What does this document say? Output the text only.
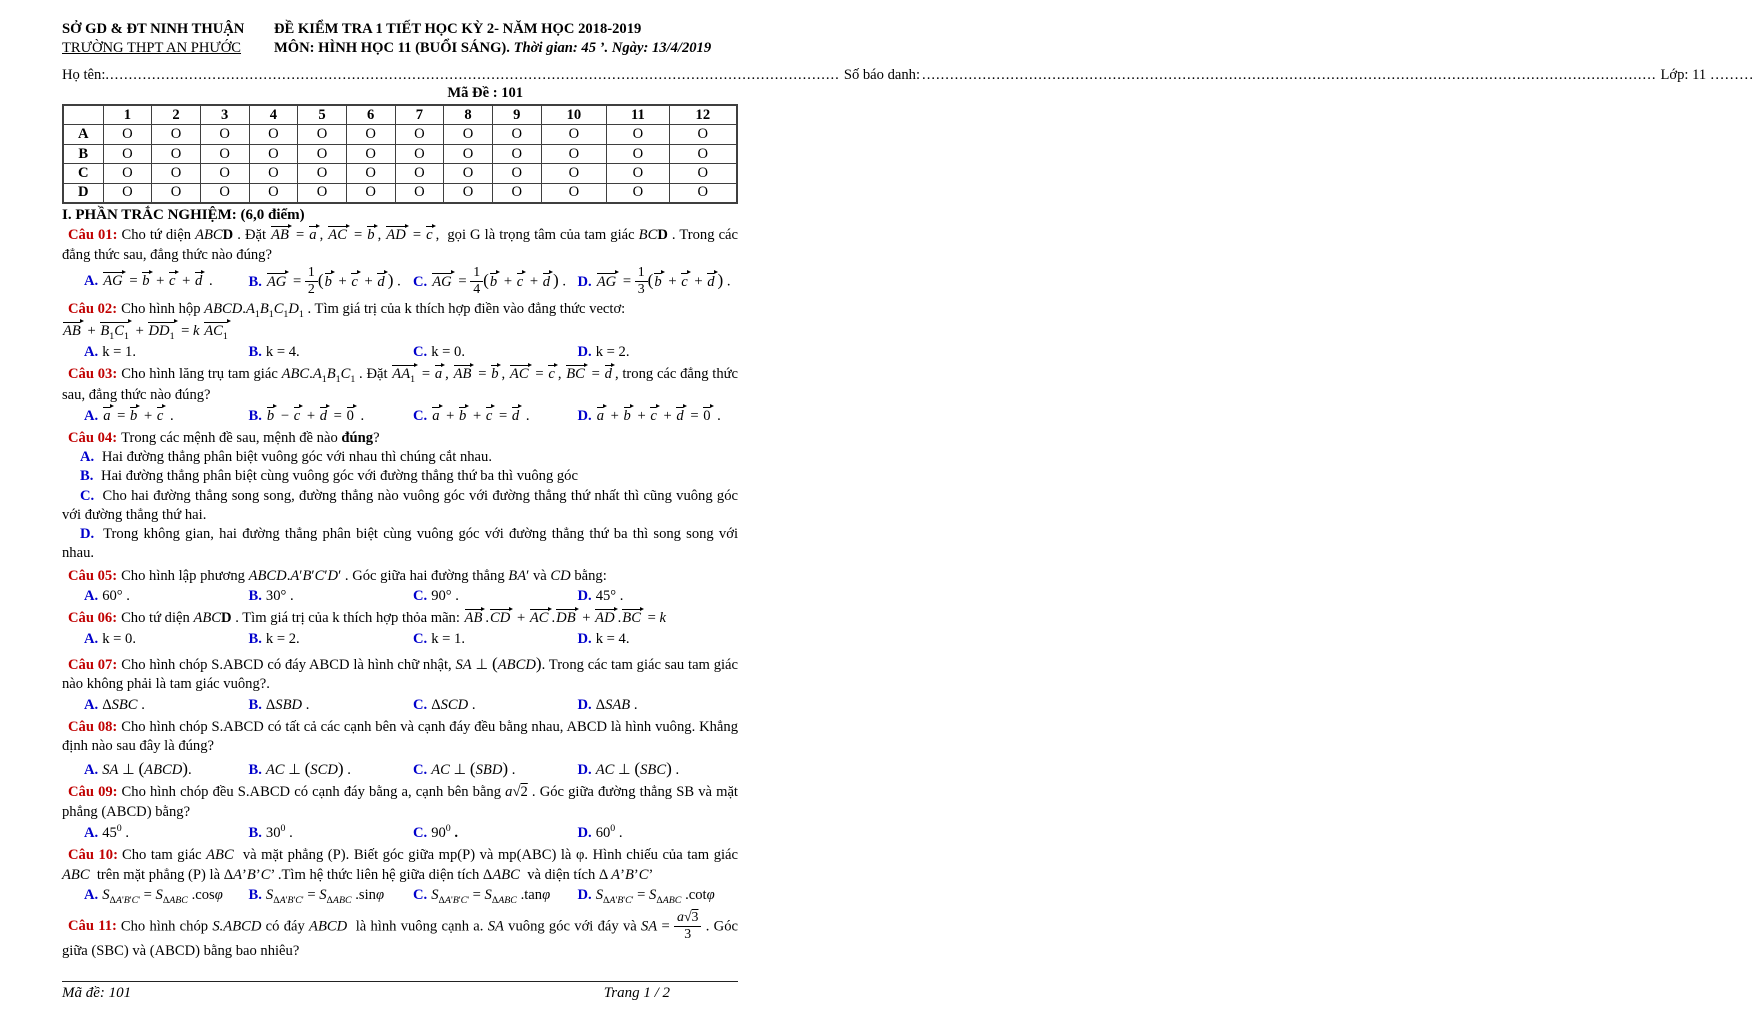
SỞ GD & ĐT NINH THUẬN
TRƯỜNG THPT AN PHƯỚC
ĐỀ KIỂM TRA 1 TIẾT HỌC KỲ 2- NĂM HỌC 2018-2019
MÔN: HÌNH HỌC 11 (BUỔI SÁNG). Thời gian: 45 ’. Ngày: 13/4/2019
Họ tên: .............................................................................................................................................................. Số báo danh: .............................................................................................................................................................. Lớp: 11 ………
Mã Đề : 101
	1	2	3	4	5	6	7	8	9	10	11	12
A	O	O	O	O	O	O	O	O	O	O	O	O
B	O	O	O	O	O	O	O	O	O	O	O	O
C	O	O	O	O	O	O	O	O	O	O	O	O
D	O	O	O	O	O	O	O	O	O	O	O	O
I. PHẦN TRẮC NGHIỆM: (6,0 điểm)
Câu 01: Cho tứ diện ABCD . Đặt AB = a , AC = b , AD = c ,  gọi G là trọng tâm của tam giác BCD . Trong các đẳng thức sau, đẳng thức nào đúng?
A. AG = b + c + d .	B. AG = $\frac{1}{2} (b + c + d$ ) . C. AG = $\frac{1}{4} (b + c + d$ ) . D. AG = $\frac{1}{3} (b + c + d$ ) .
Câu 02: Cho hình hộp $ABCD.A_1B_1C_1D_1$ . Tìm giá trị của k thích hợp điền vào đẳng thức vectơ:
AB + $B_1C_1 + DD_1 = k$ $AC_1$
A. k = 1.	B. k = 4.	C. k = 0.	D. k = 2.
Câu 03: Cho hình lăng trụ tam giác $ABC.A_1B_1C_1$ . Đặt $AA_1 = a$ , AB = b , AC = c , BC = d , trong các đẳng thức sau, đẳng thức nào đúng?
A. a = b + c .	B. b − c + d = 0 .	C. a + b + c = d .	D. a + b + c + d = 0 .
Câu 04: Trong các mệnh đề sau, mệnh đề nào đúng?
A. Hai đường thẳng phân biệt vuông góc với nhau thì chúng cắt nhau.
B. Hai đường thẳng phân biệt cùng vuông góc với đường thẳng thứ ba thì vuông góc
C. Cho hai đường thẳng song song, đường thẳng nào vuông góc với đường thẳng thứ nhất thì cũng vuông góc với đường thẳng thứ hai.
D. Trong không gian, hai đường thẳng phân biệt cùng vuông góc với đường thẳng thứ ba thì song song với nhau.
Câu 05: Cho hình lập phương ABCD.A′B′C′D′ . Góc giữa hai đường thẳng BA′ và CD bằng:
A. 60° .	B. 30° .	C. 90° .	D. 45° .
Câu 06: Cho tứ diện ABCD . Tìm giá trị của k thích hợp thỏa mãn: AB .CD + AC .DB + AD .BC = k
A. k = 0.	B. k = 2.	C. k = 1.	D. k = 4.
Câu 07: Cho hình chóp S.ABCD có đáy ABCD là hình chữ nhật, SA ⊥ (ABCD). Trong các tam giác sau tam giác nào không phải là tam giác vuông?.
A. ΔSBC .	B. ΔSBD .	C. ΔSCD .	D. ΔSAB .
Câu 08: Cho hình chóp S.ABCD có tất cả các cạnh bên và cạnh đáy đều bằng nhau, ABCD là hình vuông. Khẳng định nào sau đây là đúng?
A. SA ⊥ (ABCD).	B. AC ⊥ (SCD) .	C. AC ⊥ (SBD) .	D. AC ⊥ (SBC) .
Câu 09: Cho hình chóp đều S.ABCD có cạnh đáy bằng a, cạnh bên bằng a√2 . Góc giữa đường thẳng SB và mặt phẳng (ABCD) bằng?
A. $45^0$ .	B. $30^0$ .	C. $90^0$ .	D. $60^0$ .
Câu 10: Cho tam giác ABC  và mặt phẳng (P). Biết góc giữa mp(P) và mp(ABC) là φ. Hình chiếu của tam giác ABC  trên mặt phẳng (P) là ΔA’B’C’ .Tìm hệ thức liên hệ giữa diện tích ΔABC  và diện tích Δ A’B’C’
A. $S_{\Delta A'B'C'} = S_{\Delta ABC}$ .cosφ	B. $S_{\Delta A'B'C'} = S_{\Delta ABC}$ .sinφ	C. $S_{\Delta A'B'C'} = S_{\Delta ABC}$ .tanφ	D. $S_{\Delta A'B'C'} = S_{\Delta ABC}$ .cotφ
Câu 11: Cho hình chóp S.ABCD có đáy ABCD  là hình vuông cạnh a. SA vuông góc với đáy và SA = $\frac{a√3}{3}$ . Góc giữa (SBC) và (ABCD) bằng bao nhiêu?
Mã đề: 101	Trang 1 / 2
